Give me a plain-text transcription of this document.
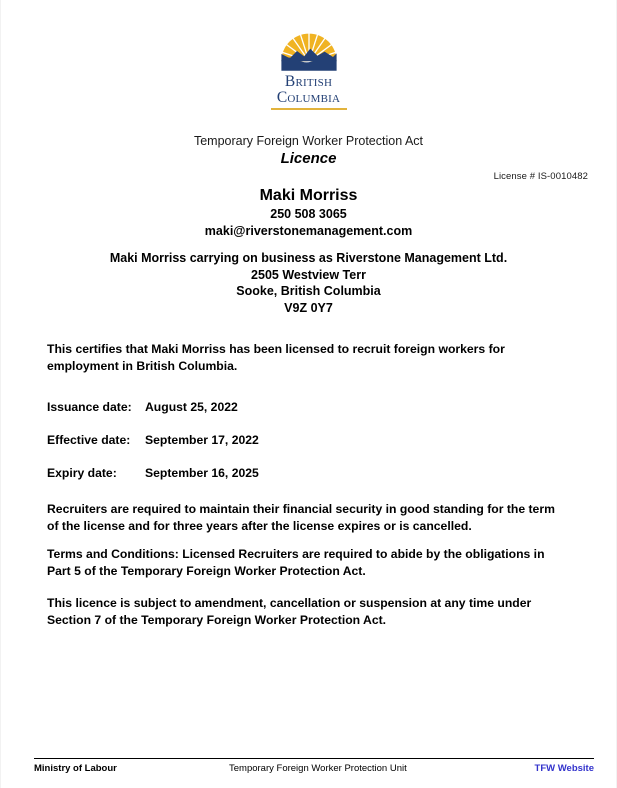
British
Columbia
Temporary Foreign Worker Protection Act
Licence
License # IS-0010482
Maki Morriss
250 508 3065
maki@riverstonemanagement.com
Maki Morriss carrying on business as Riverstone Management Ltd.
2505 Westview Terr
Sooke, British Columbia
V9Z 0Y7
This certifies that Maki Morriss has been licensed to recruit foreign workers for employment in British Columbia.
Issuance date:	August 25, 2022
Effective date:	September 17, 2022
Expiry date:	September 16, 2025
Recruiters are required to maintain their financial security in good standing for the term of the license and for three years after the license expires or is cancelled.
Terms and Conditions: Licensed Recruiters are required to abide by the obligations in Part 5 of the Temporary Foreign Worker Protection Act.
This licence is subject to amendment, cancellation or suspension at any time under Section 7 of the Temporary Foreign Worker Protection Act.
Ministry of Labour	Temporary Foreign Worker Protection Unit	TFW Website
